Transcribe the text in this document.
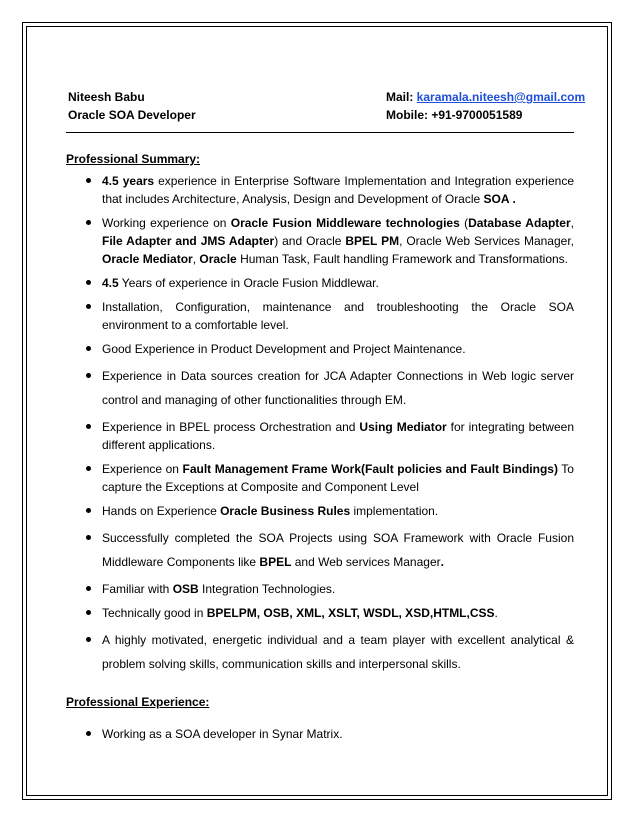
Niteesh Babu
Oracle SOA Developer
Mail: karamala.niteesh@gmail.com
Mobile: +91-9700051589
Professional Summary:
4.5 years experience in Enterprise Software Implementation and Integration experience that includes Architecture, Analysis, Design and Development of Oracle SOA .
Working experience on Oracle Fusion Middleware technologies (Database Adapter, File Adapter and JMS Adapter) and Oracle BPEL PM, Oracle Web Services Manager, Oracle Mediator, Oracle Human Task, Fault handling Framework and Transformations.
4.5 Years of experience in Oracle Fusion Middlewar.
Installation, Configuration, maintenance and troubleshooting the Oracle SOA environment to a comfortable level.
Good Experience in Product Development and Project Maintenance.
Experience in Data sources creation for JCA Adapter Connections in Web logic server control and managing of other functionalities through EM.
Experience in BPEL process Orchestration and Using Mediator for integrating between different applications.
Experience on Fault Management Frame Work(Fault policies and Fault Bindings) To capture the Exceptions at Composite and Component Level
Hands on Experience Oracle Business Rules implementation.
Successfully completed the SOA Projects using SOA Framework with Oracle Fusion Middleware Components like BPEL and Web services Manager.
Familiar with OSB Integration Technologies.
Technically good in BPELPM, OSB, XML, XSLT, WSDL, XSD,HTML,CSS.
A highly motivated, energetic individual and a team player with excellent analytical & problem solving skills, communication skills and interpersonal skills.
Professional Experience:
Working as a SOA developer in Synar Matrix.
